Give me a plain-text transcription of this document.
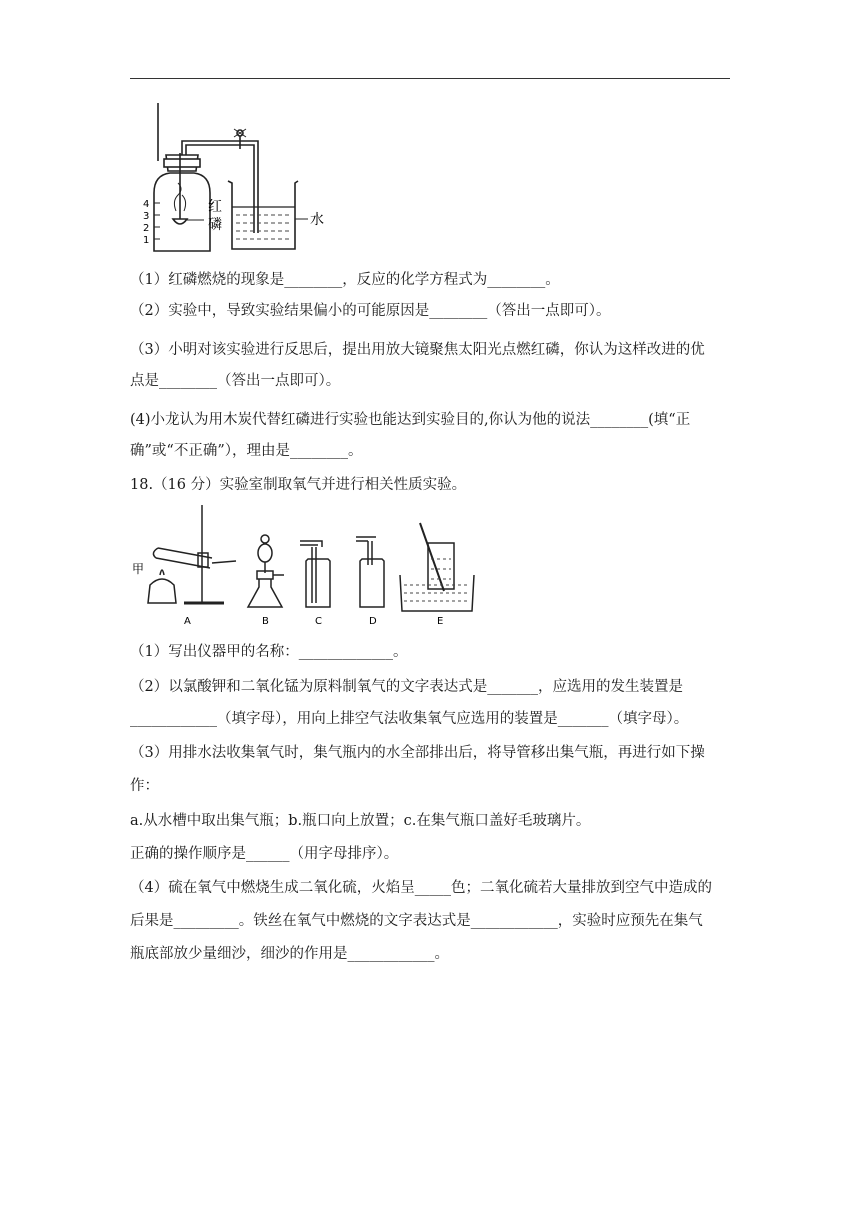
4
3
2
1
红
磷	水
（1）红磷燃烧的现象是________，反应的化学方程式为________。
（2）实验中，导致实验结果偏小的可能原因是________（答出一点即可）。
（3）小明对该实验进行反思后，提出用放大镜聚焦太阳光点燃红磷，你认为这样改进的优
点是________（答出一点即可）。
(4)小龙认为用木炭代替红磷进行实验也能达到实验目的,你认为他的说法________(填“正
确”或“不正确”），理由是________。
18.（16 分）实验室制取氧气并进行相关性质实验。
甲
A	B	C	D	E
（1）写出仪器甲的名称：_____________。
（2）以氯酸钾和二氧化锰为原料制氧气的文字表达式是_______，应选用的发生装置是
____________（填字母），用向上排空气法收集氧气应选用的装置是_______（填字母）。
（3）用排水法收集氧气时，集气瓶内的水全部排出后，将导管移出集气瓶，再进行如下操
作：
a.从水槽中取出集气瓶；b.瓶口向上放置；c.在集气瓶口盖好毛玻璃片。
正确的操作顺序是______（用字母排序）。
（4）硫在氧气中燃烧生成二氧化硫，火焰呈_____色；二氧化硫若大量排放到空气中造成的
后果是_________。铁丝在氧气中燃烧的文字表达式是____________，实验时应预先在集气
瓶底部放少量细沙，细沙的作用是____________。
